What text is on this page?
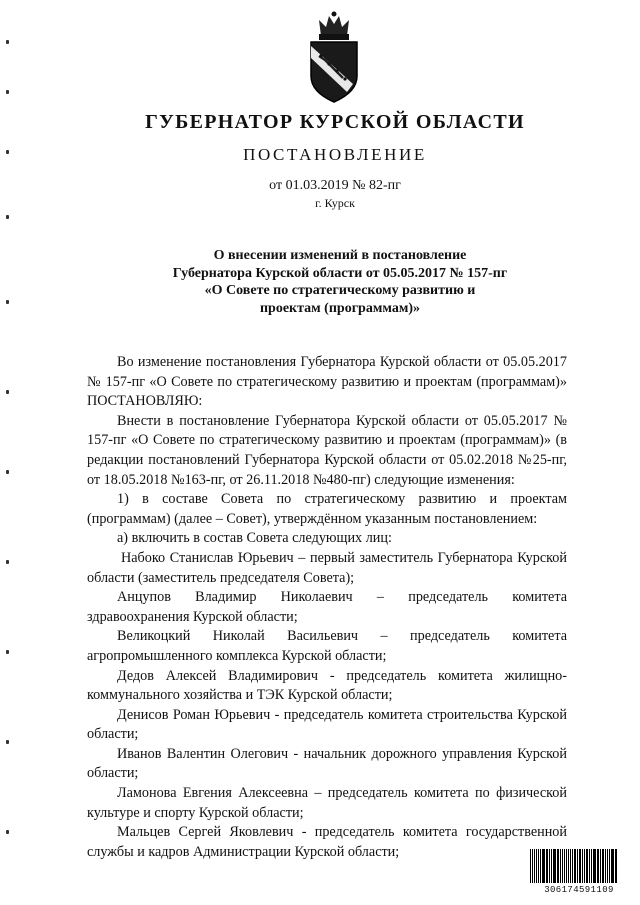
ГУБЕРНАТОР КУРСКОЙ ОБЛАСТИ
ПОСТАНОВЛЕНИЕ
от 01.03.2019 № 82-пг
г. Курск
О внесении изменений в постановление
Губернатора Курской области от 05.05.2017 № 157-пг
«О Совете по стратегическому развитию и
проектам (программам)»

Во изменение постановления Губернатора Курской области от 05.05.2017 № 157-пг «О Совете по стратегическому развитию и проектам (программам)» ПОСТАНОВЛЯЮ:

Внести в постановление Губернатора Курской области от 05.05.2017 № 157-пг «О Совете по стратегическому развитию и проектам (программам)» (в редакции постановлений Губернатора Курской области от 05.02.2018 №25-пг, от 18.05.2018 №163-пг, от 26.11.2018 №480-пг) следующие изменения:

1) в составе Совета по стратегическому развитию и проектам (программам) (далее – Совет), утверждённом указанным постановлением:

а) включить в состав Совета следующих лиц:

Набоко Станислав Юрьевич – первый заместитель Губернатора Курской области (заместитель председателя Совета);

Анцупов Владимир Николаевич – председатель комитета здравоохранения Курской области;

Великоцкий Николай Васильевич – председатель комитета агропромышленного комплекса Курской области;

Дедов Алексей Владимирович - председатель комитета жилищно-коммунального хозяйства и ТЭК Курской области;

Денисов Роман Юрьевич - председатель комитета строительства Курской области;

Иванов Валентин Олегович - начальник дорожного управления Курской области;

Ламонова Евгения Алексеевна – председатель комитета по физической культуре и спорту Курской области;

Мальцев Сергей Яковлевич - председатель комитета государственной службы и кадров Администрации Курской области;

306174591109
